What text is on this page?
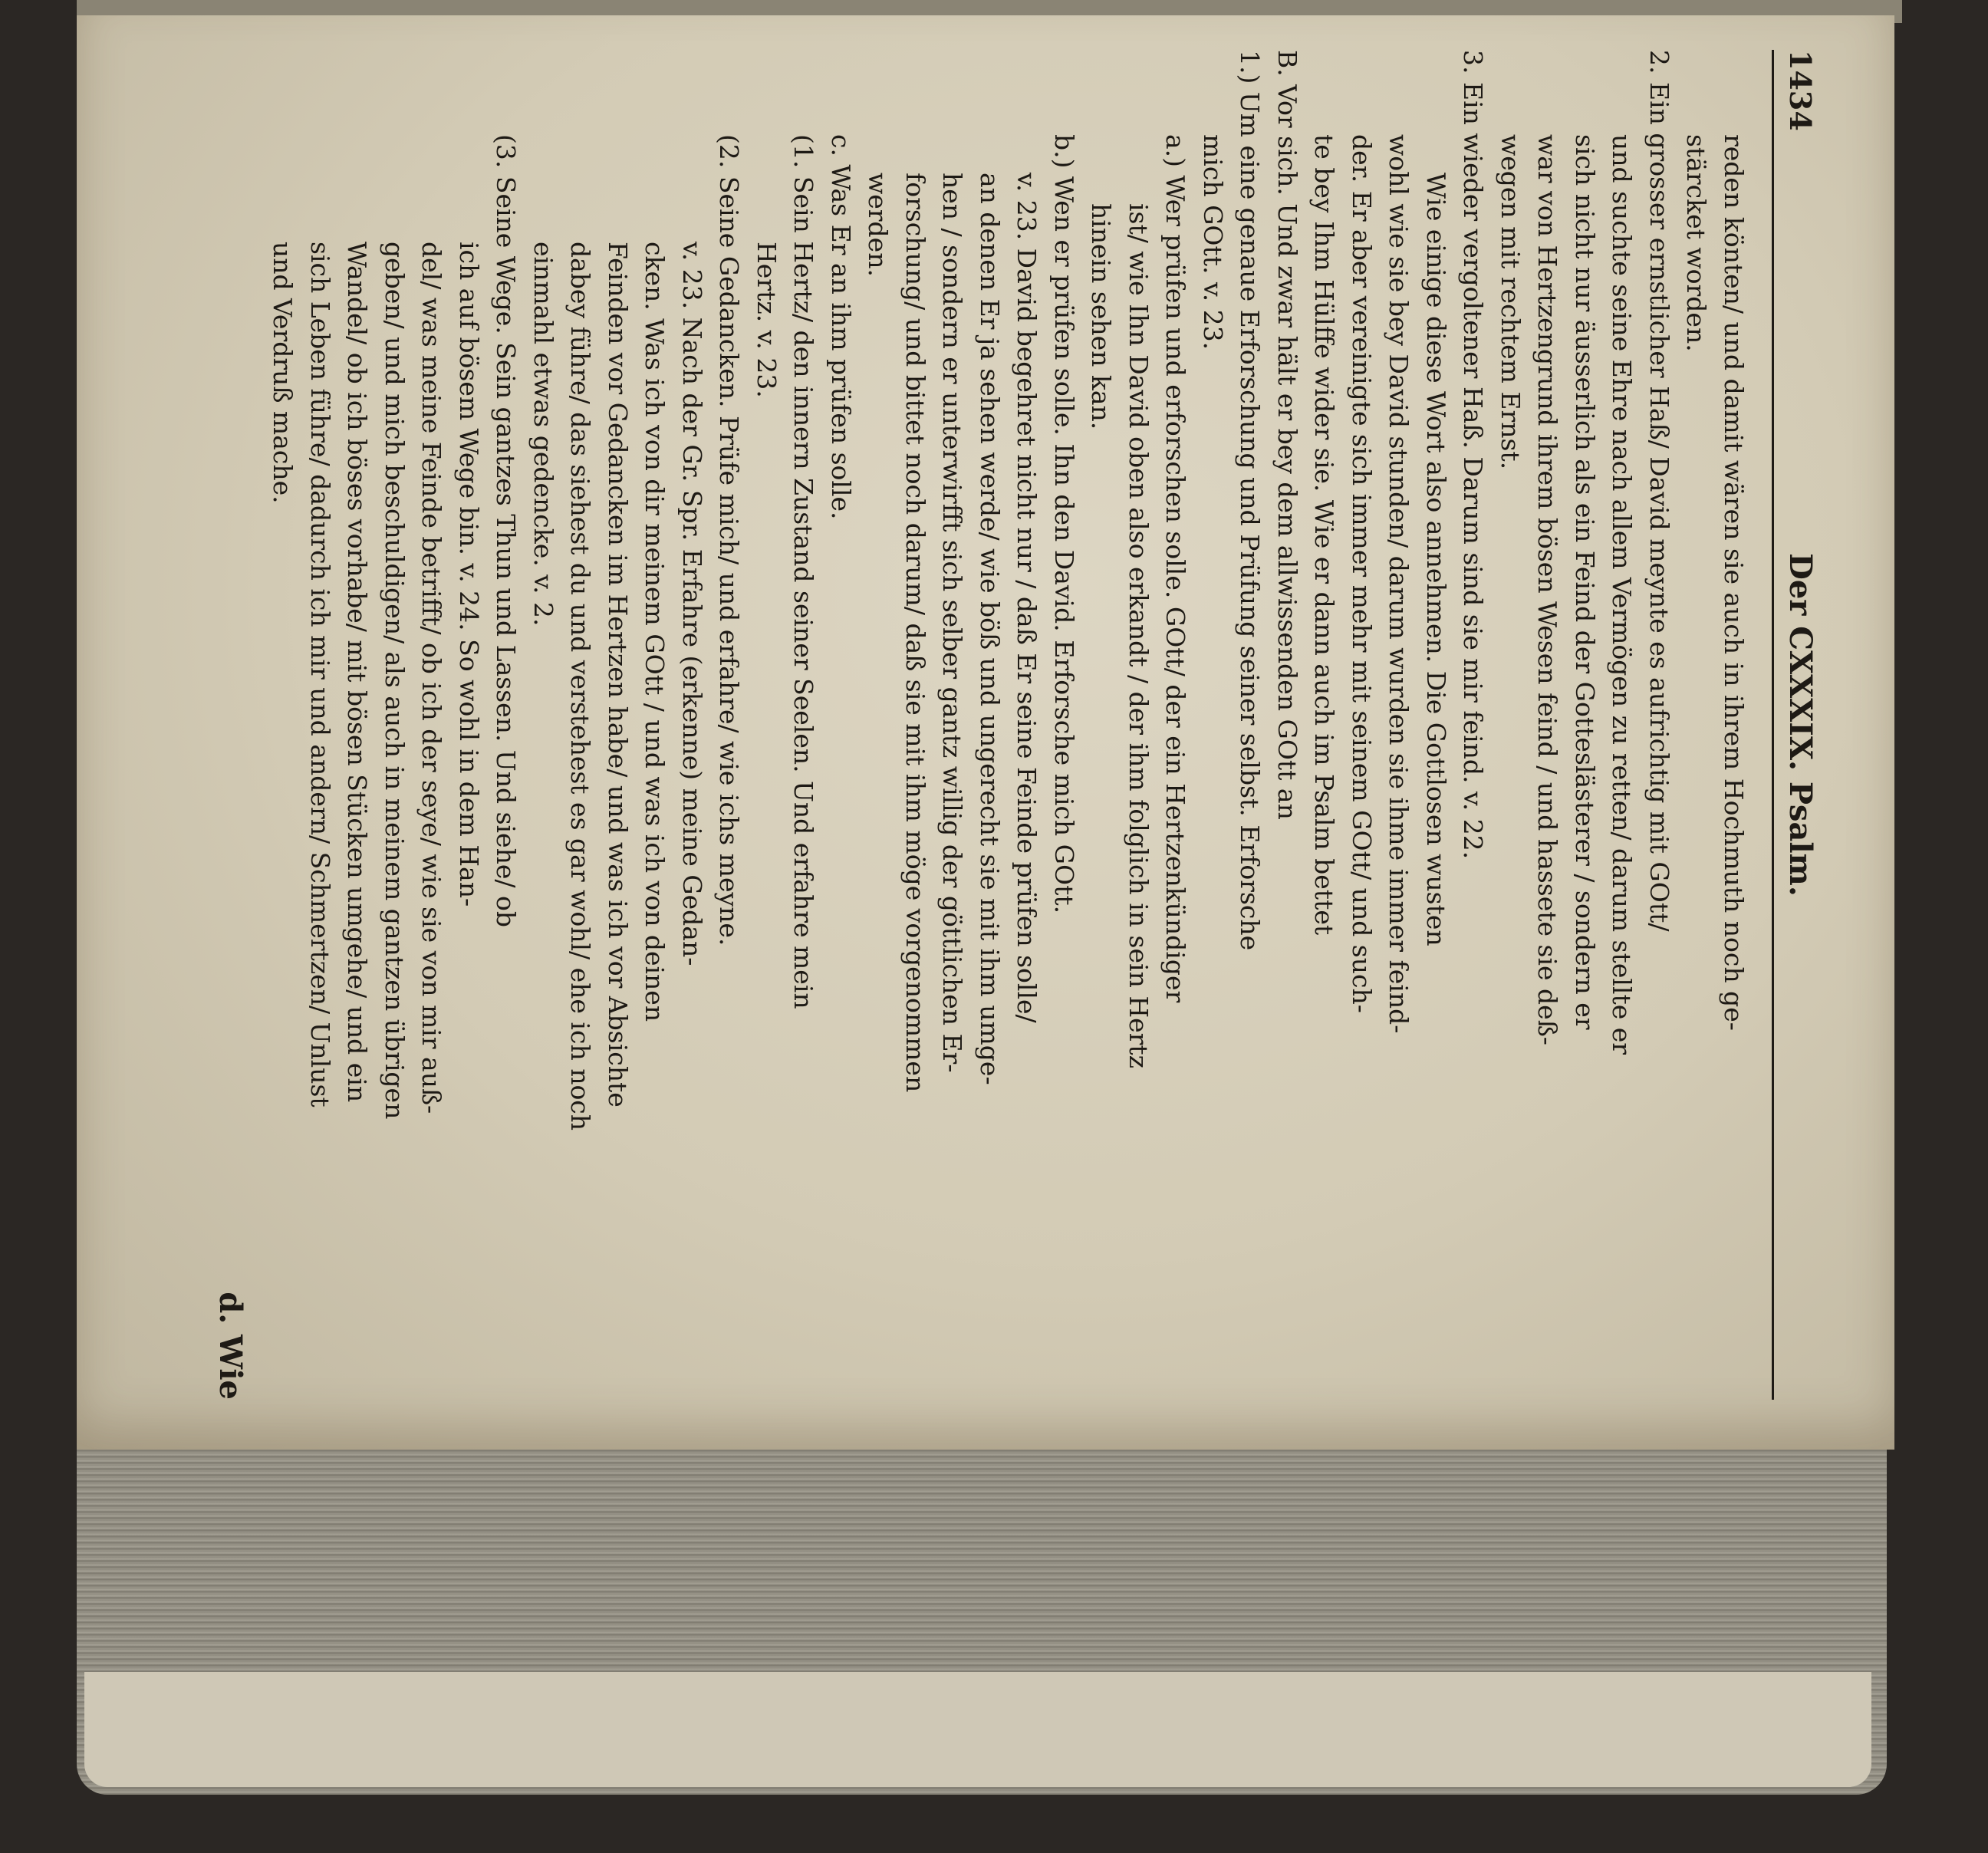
1434
Der CXXXIX. Psalm.
reden könten/ und damit wären sie auch in ihrem Hochmuth noch ge-
stärcket worden.
2. Ein grosser ernstlicher Haß/ David meynte es aufrichtig mit GOtt/
und suchte seine Ehre nach allem Vermögen zu retten/ darum stellte er
sich nicht nur äusserlich als ein Feind der Gotteslästerer / sondern er
war von Hertzengrund ihrem bösen Wesen feind / und hassete sie deß-
wegen mit rechtem Ernst.
3. Ein wieder vergoltener Haß. Darum sind sie mir feind. v. 22.
Wie einige diese Wort also annehmen. Die Gottlosen wusten
wohl wie sie bey David stunden/ darum wurden sie ihme immer feind-
der. Er aber vereinigte sich immer mehr mit seinem GOtt/ und such-
te bey Ihm Hülffe wider sie. Wie er dann auch im Psalm bettet
B. Vor sich. Und zwar hält er bey dem allwissenden GOtt an
1.) Um eine genaue Erforschung und Prüfung seiner selbst. Erforsche
mich GOtt. v. 23.
a.) Wer prüfen und erforschen solle. GOtt/ der ein Hertzenkündiger
ist/ wie Ihn David oben also erkandt / der ihm folglich in sein Hertz
hinein sehen kan.
b.) Wen er prüfen solle. Ihn den David. Erforsche mich GOtt.
v. 23. David begehret nicht nur / daß Er seine Feinde prüfen solle/
an denen Er ja sehen werde/ wie böß und ungerecht sie mit ihm umge-
hen / sondern er unterwirfft sich selber gantz willig der göttlichen Er-
forschung/ und bittet noch darum/ daß sie mit ihm möge vorgenommen
werden.
c. Was Er an ihm prüfen solle.
(1. Sein Hertz/ den innern Zustand seiner Seelen. Und erfahre mein
Hertz. v. 23.
(2. Seine Gedancken. Prüfe mich/ und erfahre/ wie ichs meyne.
v. 23. Nach der Gr. Spr. Erfahre (erkenne) meine Gedan-
cken. Was ich von dir meinem GOtt / und was ich von deinen
Feinden vor Gedancken im Hertzen habe/ und was ich vor Absichte
dabey führe/ das siehest du und verstehest es gar wohl/ ehe ich noch
einmahl etwas gedencke. v. 2.
(3. Seine Wege. Sein gantzes Thun und Lassen. Und siehe/ ob
ich auf bösem Wege bin. v. 24. So wohl in dem Han-
del/ was meine Feinde betrifft/ ob ich der seye/ wie sie von mir auß-
geben/ und mich beschuldigen/ als auch in meinem gantzen übrigen
Wandel/ ob ich böses vorhabe/ mit bösen Stücken umgehe/ und ein
sich Leben führe/ dadurch ich mir und andern/ Schmertzen/ Unlust
und Verdruß mache.
d. Wie
